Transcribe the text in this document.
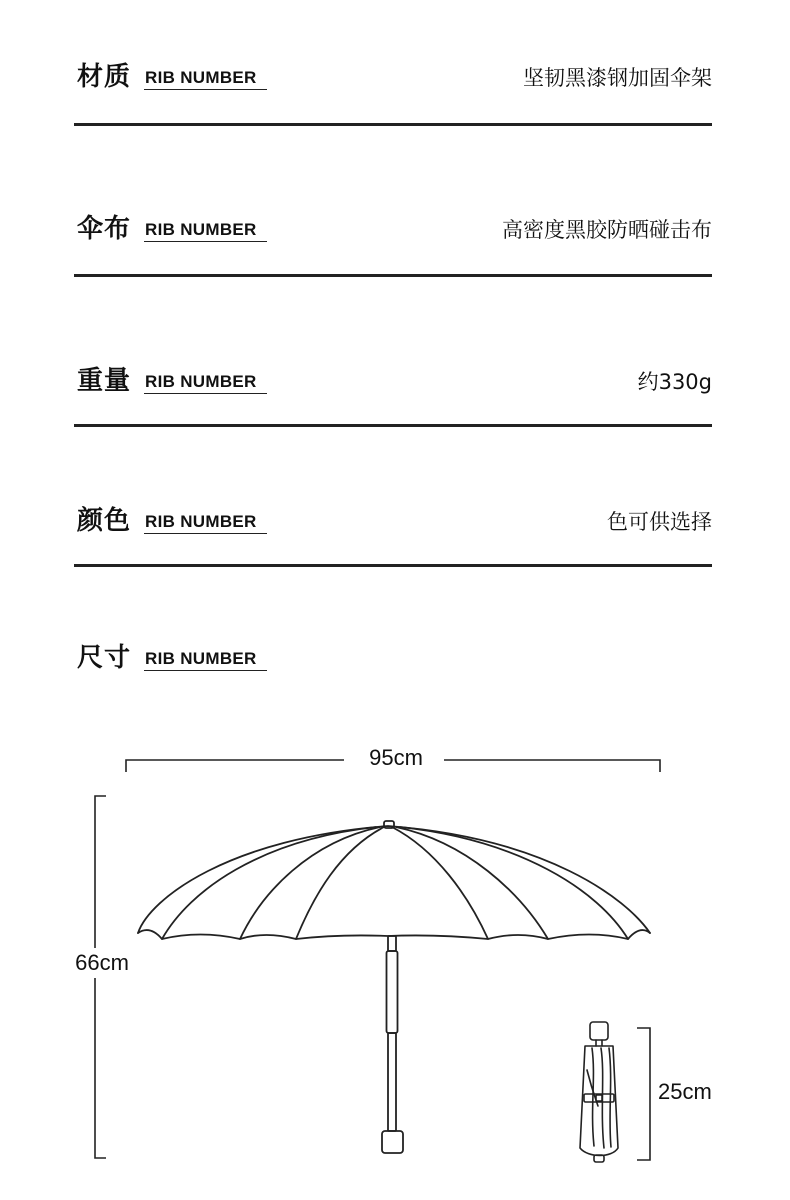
材质 RIB NUMBER	坚韧黑漆钢加固伞架
伞布 RIB NUMBER	高密度黑胶防晒碰击布
重量 RIB NUMBER	约330g
颜色 RIB NUMBER	色可供选择
尺寸 RIB NUMBER
95cm
66cm
25cm
